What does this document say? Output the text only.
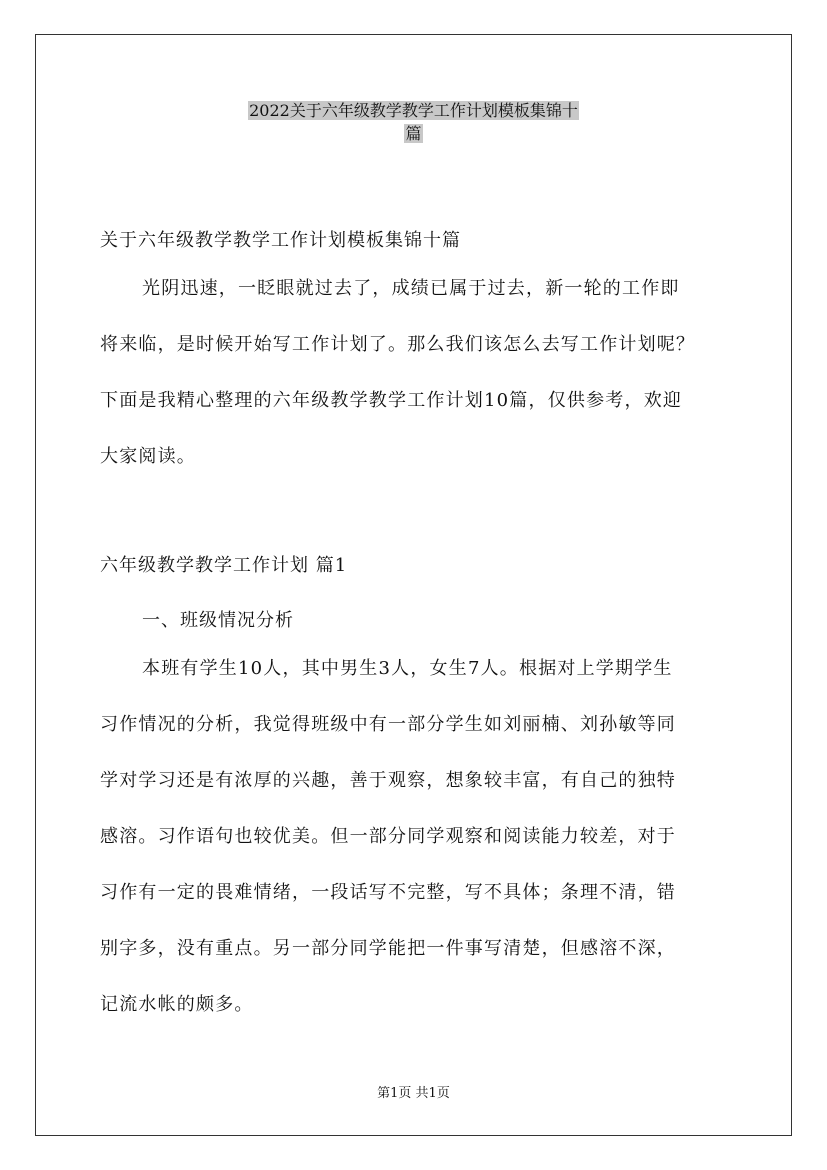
2022关于六年级教学教学工作计划模板集锦十
篇
关于六年级教学教学工作计划模板集锦十篇
光阴迅速，一眨眼就过去了，成绩已属于过去，新一轮的工作即
将来临，是时候开始写工作计划了。那么我们该怎么去写工作计划呢？
下面是我精心整理的六年级教学教学工作计划10篇，仅供参考，欢迎
大家阅读。
六年级教学教学工作计划 篇1
一、班级情况分析
本班有学生10人，其中男生3人，女生7人。根据对上学期学生
习作情况的分析，我觉得班级中有一部分学生如刘丽楠、刘孙敏等同
学对学习还是有浓厚的兴趣，善于观察，想象较丰富，有自己的独特
感溶。习作语句也较优美。但一部分同学观察和阅读能力较差，对于
习作有一定的畏难情绪，一段话写不完整，写不具体；条理不清，错
别字多，没有重点。另一部分同学能把一件事写清楚，但感溶不深，
记流水帐的颇多。
第1页 共1页
